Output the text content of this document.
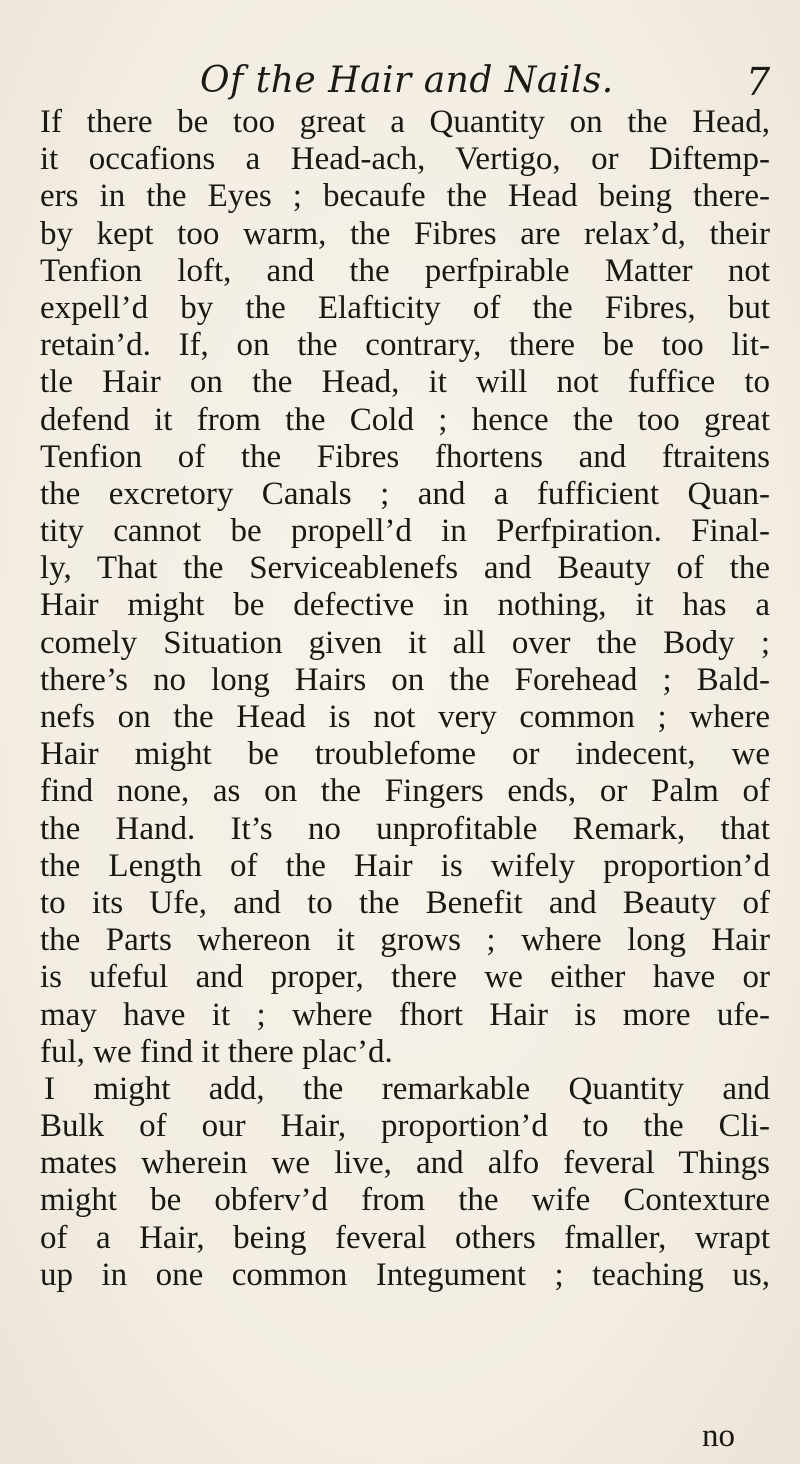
Of the Hair and Nails.	7
If there be too great a Quantity on the Head,
it occafions a Head-ach, Vertigo, or Diftemp-
ers in the Eyes ; becaufe the Head being there-
by kept too warm, the Fibres are relax’d, their
Tenfion loft, and the perfpirable Matter not
expell’d by the Elafticity of the Fibres, but
retain’d. If, on the contrary, there be too lit-
tle Hair on the Head, it will not fuffice to
defend it from the Cold ; hence the too great
Tenfion of the Fibres fhortens and ftraitens
the excretory Canals ; and a fufficient Quan-
tity cannot be propell’d in Perfpiration. Final-
ly, That the Serviceablenefs and Beauty of the
Hair might be defective in nothing, it has a
comely Situation given it all over the Body ;
there’s no long Hairs on the Forehead ; Bald-
nefs on the Head is not very common ; where
Hair might be troublefome or indecent, we
find none, as on the Fingers ends, or Palm of
the Hand. It’s no unprofitable Remark, that
the Length of the Hair is wifely proportion’d
to its Ufe, and to the Benefit and Beauty of
the Parts whereon it grows ; where long Hair
is ufeful and proper, there we either have or
may have it ; where fhort Hair is more ufe-
ful, we find it there plac’d.
I might add, the remarkable Quantity and
Bulk of our Hair, proportion’d to the Cli-
mates wherein we live, and alfo feveral Things
might be obferv’d from the wife Contexture
of a Hair, being feveral others fmaller, wrapt
up in one common Integument ; teaching us,
no
